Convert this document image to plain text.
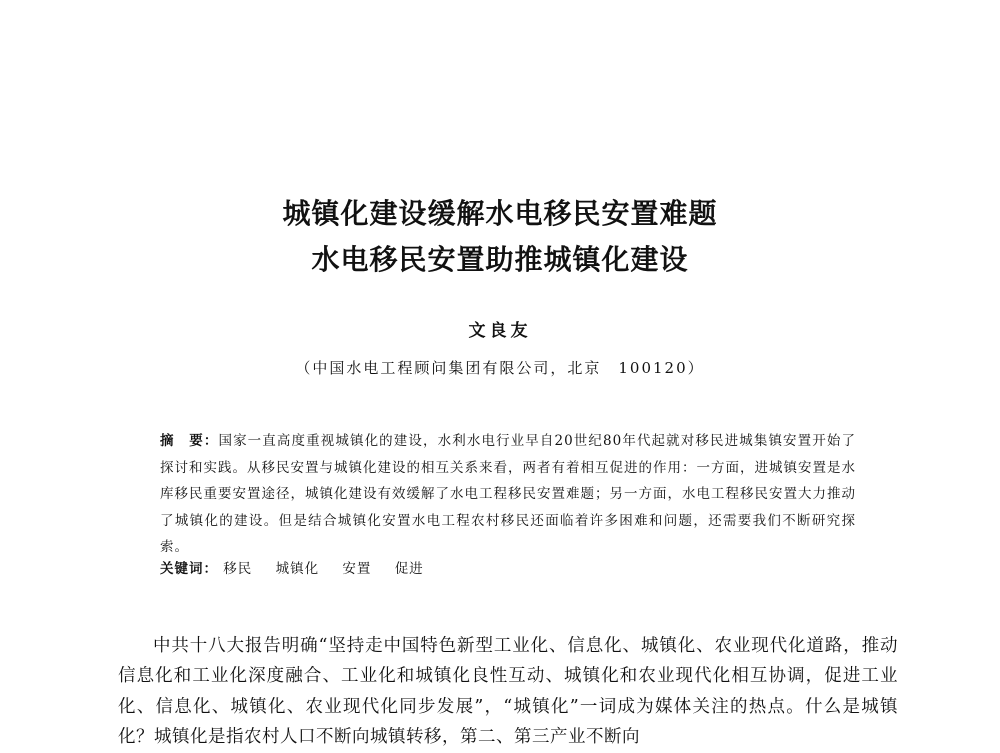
城镇化建设缓解水电移民安置难题
水电移民安置助推城镇化建设
文良友
（中国水电工程顾问集团有限公司，北京　100120）
摘　要：国家一直高度重视城镇化的建设，水利水电行业早自20世纪80年代起就对移民进城集镇安置开始了探讨和实践。从移民安置与城镇化建设的相互关系来看，两者有着相互促进的作用：一方面，进城镇安置是水库移民重要安置途径，城镇化建设有效缓解了水电工程移民安置难题；另一方面，水电工程移民安置大力推动了城镇化的建设。但是结合城镇化安置水电工程农村移民还面临着许多困难和问题，还需要我们不断研究探索。
关键词： 移民 城镇化 安置 促进

中共十八大报告明确“坚持走中国特色新型工业化、信息化、城镇化、农业现代化道路，推动信息化和工业化深度融合、工业化和城镇化良性互动、城镇化和农业现代化相互协调，促进工业化、信息化、城镇化、农业现代化同步发展”，“城镇化”一词成为媒体关注的热点。什么是城镇化？城镇化是指农村人口不断向城镇转移，第二、第三产业不断向
